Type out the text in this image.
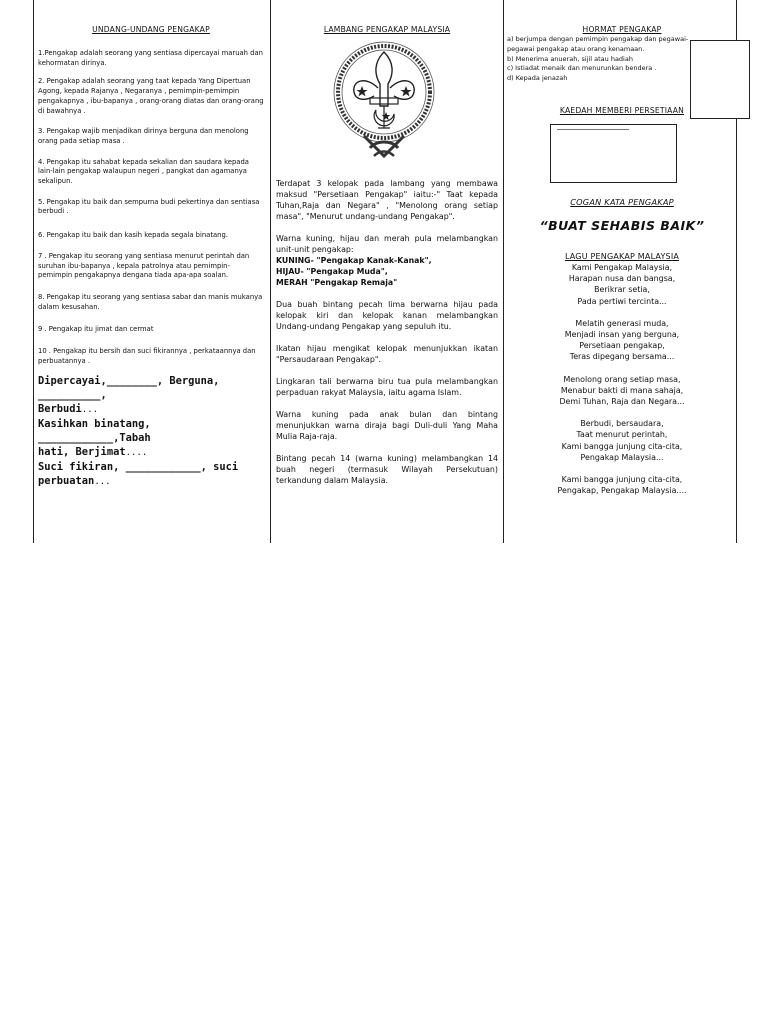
UNDANG-UNDANG PENGAKAP

1.Pengakap adalah seorang yang sentiasa dipercayai maruah dan kehormatan dirinya.

2. Pengakap adalah seorang yang taat kepada Yang Dipertuan Agong, kepada Rajanya , Negaranya , pemimpin-pemimpin pengakapnya , ibu-bapanya , orang-orang diatas dan orang-orang di bawahnya .

3. Pengakap wajib menjadikan dirinya berguna dan menolong orang pada setiap masa .

4. Pengakap itu sahabat kepada sekalian dan saudara kepada lain-lain pengakap walaupun negeri , pangkat dan agamanya sekalipun.

5. Pengakap itu baik dan sempurna budi pekertinya dan sentiasa berbudi .

6. Pengakap itu baik dan kasih kepada segala binatang.

7 . Pengakap itu seorang yang sentiasa menurut perintah dan suruhan ibu-bapanya , kepala patrolnya atau pemimpin-pemimpin pengakapnya dengana tiada apa-apa soalan.

8. Pengakap itu seorang yang sentiasa sabar dan manis mukanya dalam kesusahan.

9 . Pengakap itu jimat dan cermat

10 . Pengakap itu bersih dan suci fikirannya , perkataannya dan perbuatannya .

Dipercayai,________, Berguna, __________,

Berbudi...

Kasihkan binatang, ____________,Tabah

hati, Berjimat....

Suci fikiran, ____________, suci

perbuatan...

LAMBANG PENGAKAP MALAYSIA

Terdapat 3 kelopak pada lambang yang membawa maksud "Persetiaan Pengakap" iaitu:-" Taat kepada Tuhan,Raja dan Negara" , "Menolong orang setiap masa", "Menurut undang-undang Pengakap".

Warna kuning, hijau dan merah pula melambangkan unit-unit pengakap:

KUNING- "Pengakap Kanak-Kanak",

HIJAU- "Pengakap Muda",

MERAH "Pengakap Remaja"

Dua buah bintang pecah lima berwarna hijau pada kelopak kiri dan kelopak kanan melambangkan Undang-undang Pengakap yang sepuluh itu.

Ikatan hijau mengikat kelopak menunjukkan ikatan "Persaudaraan Pengakap".

Lingkaran tali berwarna biru tua pula melambangkan perpaduan rakyat Malaysia, iaitu agama Islam.

Warna kuning pada anak bulan dan bintang menunjukkan warna diraja bagi Duli-duli Yang Maha Mulia Raja-raja.

Bintang pecah 14 (warna kuning) melambangkan 14 buah negeri (termasuk Wilayah Persekutuan) terkandung dalam Malaysia.

HORMAT PENGAKAP
a) berjumpa dengan pemimpin pengakap dan pegawai-
pegawai pengakap atau orang kenamaan.
b) Menerima anuerah, sijil atau hadiah
c) Istiadat menaik dan menurunkan bendera .
d) Kepada jenazah
KAEDAH MEMBERI PERSETIAAN
COGAN KATA PENGAKAP
“BUAT SEHABIS BAIK”
LAGU PENGAKAP MALAYSIA
Kami Pengakap Malaysia,
Harapan nusa dan bangsa,
Berikrar setia,
Pada pertiwi tercinta...
Melatih generasi muda,
Menjadi insan yang berguna,
Persetiaan pengakap,
Teras dipegang bersama...
Menolong orang setiap masa,
Menabur bakti di mana sahaja,
Demi Tuhan, Raja dan Negara...
Berbudi, bersaudara,
Taat menurut perintah,
Kami bangga junjung cita-cita,
Pengakap Malaysia...
Kami bangga junjung cita-cita,
Pengakap, Pengakap Malaysia....
